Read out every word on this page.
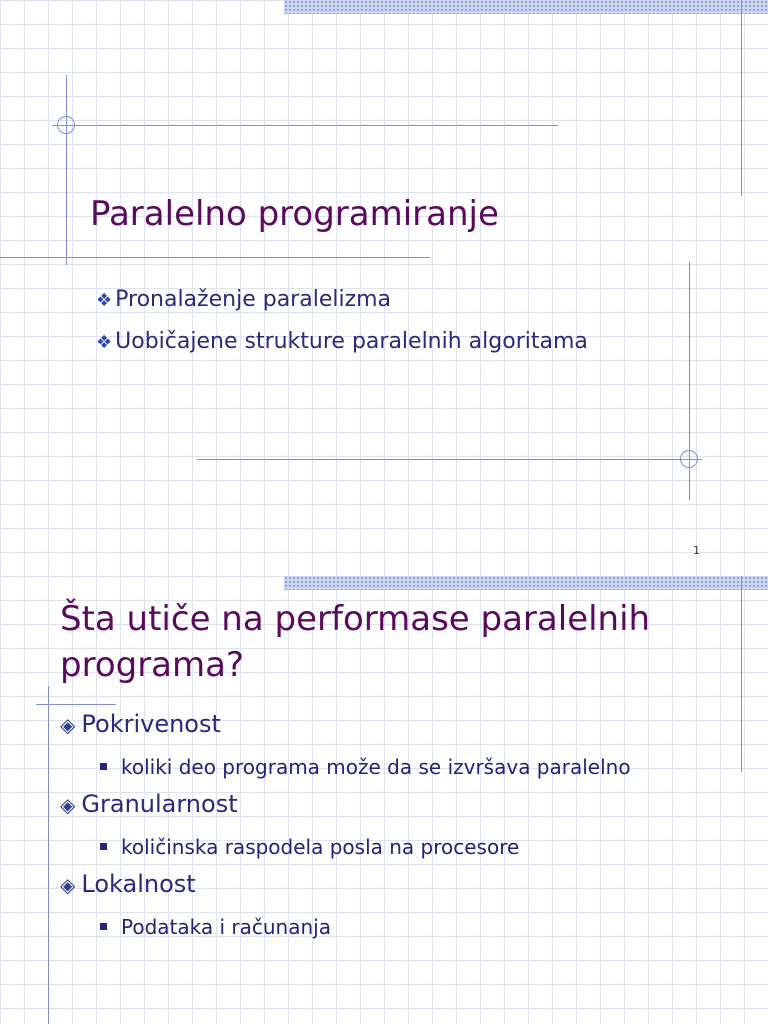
Paralelno programiranje
❖ Pronalaženje paralelizma
❖ Uobičajene strukture paralelnih algoritama

1

Šta utiče na performase paralelnih
programa?

◈ Pokrivenost

koliki deo programa može da se izvršava paralelno

◈ Granularnost

količinska raspodela posla na procesore

◈ Lokalnost

Podataka i računanja
